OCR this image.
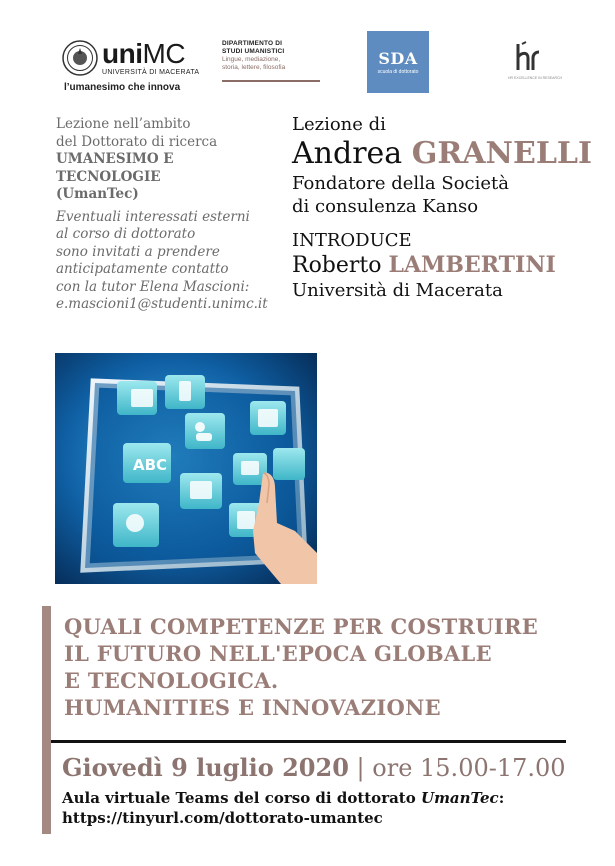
uniMC
UNIVERSITÀ DI MACERATA
l’umanesimo che innova
DIPARTIMENTO DI
STUDI UMANISTICI
Lingue, mediazione,
storia, lettere, filosofia	SDA
scuola di dottorato
HR EXCELLENCE IN RESEARCH
Lezione nell’ambito
del Dottorato di ricerca
UMANESIMO E TECNOLOGIE
(UmanTec)
Eventuali interessati esterni
al corso di dottorato
sono invitati a prendere
anticipatamente contatto
con la tutor Elena Mascioni:
e.mascioni1@studenti.unimc.it
Lezione di
Andrea GRANELLI
Fondatore della Società
di consulenza Kanso
INTRODUCE
Roberto LAMBERTINI
Università di Macerata
ABC
QUALI COMPETENZE PER COSTRUIRE
IL FUTURO NELL'EPOCA GLOBALE
E TECNOLOGICA.
HUMANITIES E INNOVAZIONE
Giovedì 9 luglio 2020 | ore 15.00-17.00
Aula virtuale Teams del corso di dottorato UmanTec:
https://tinyurl.com/dottorato-umantec
